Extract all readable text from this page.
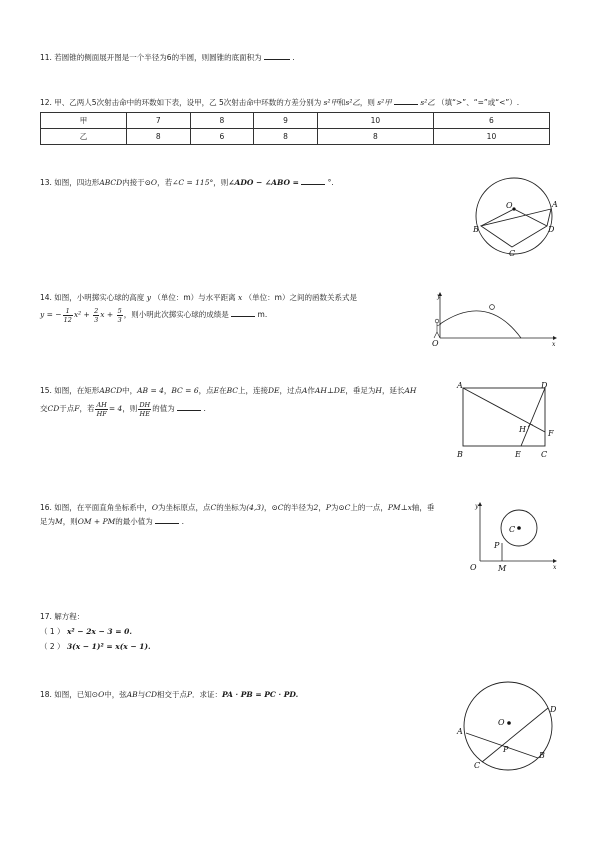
11. 若圆锥的侧面展开图是一个半径为6的半圆，则圆锥的底面积为	.
12. 甲、乙两人5次射击命中的环数如下表，设甲，乙 5次射击命中环数的方差分别为 s²甲和s²乙，则 s²甲	s²乙 （填“>”、“=”或“<”）.
甲	7	8	9	10	6
乙	8	6	8	8	10
13. 如图，四边形ABCD内接于⊙O，若∠C = 115°，则∠ADO − ∠ABO =	°.
O	A
D
C
B
14. 如图，小明掷实心球的高度 y （单位：m）与水平距离 x （单位：m）之间的函数关系式是
y = − $\frac{1}{12} x^2 + \frac{2}{3}$ $x + \frac{5}{3}$ ，则小明此次掷实心球的成绩是	m.
y
x
O
15. 如图，在矩形ABCD中，AB = 4，BC = 6，点E在BC上，连接DE，过点A作AH⊥DE，垂足为H，延长AH
交CD于点F，若 $\frac{AH}{HF} = 4$，则 $\frac{DH}{HE}$ 的值为	.
A	D
B	C
E
F
H
16. 如图，在平面直角坐标系中，O为坐标原点，点C的坐标为(4,3)，⊙C的半径为2，P为⊙C上的一点，PM⊥x轴，垂
足为M，则OM + PM的最小值为	.
y
x
O	M
P
C
17. 解方程：
（ 1 ） x² − 2x − 3 = 0.
（ 2 ） 3(x − 1)² = x(x − 1).
18. 如图，已知⊙O中，弦AB与CD相交于点P．求证：PA · PB = PC · PD.
O
D
A
B
C
P
